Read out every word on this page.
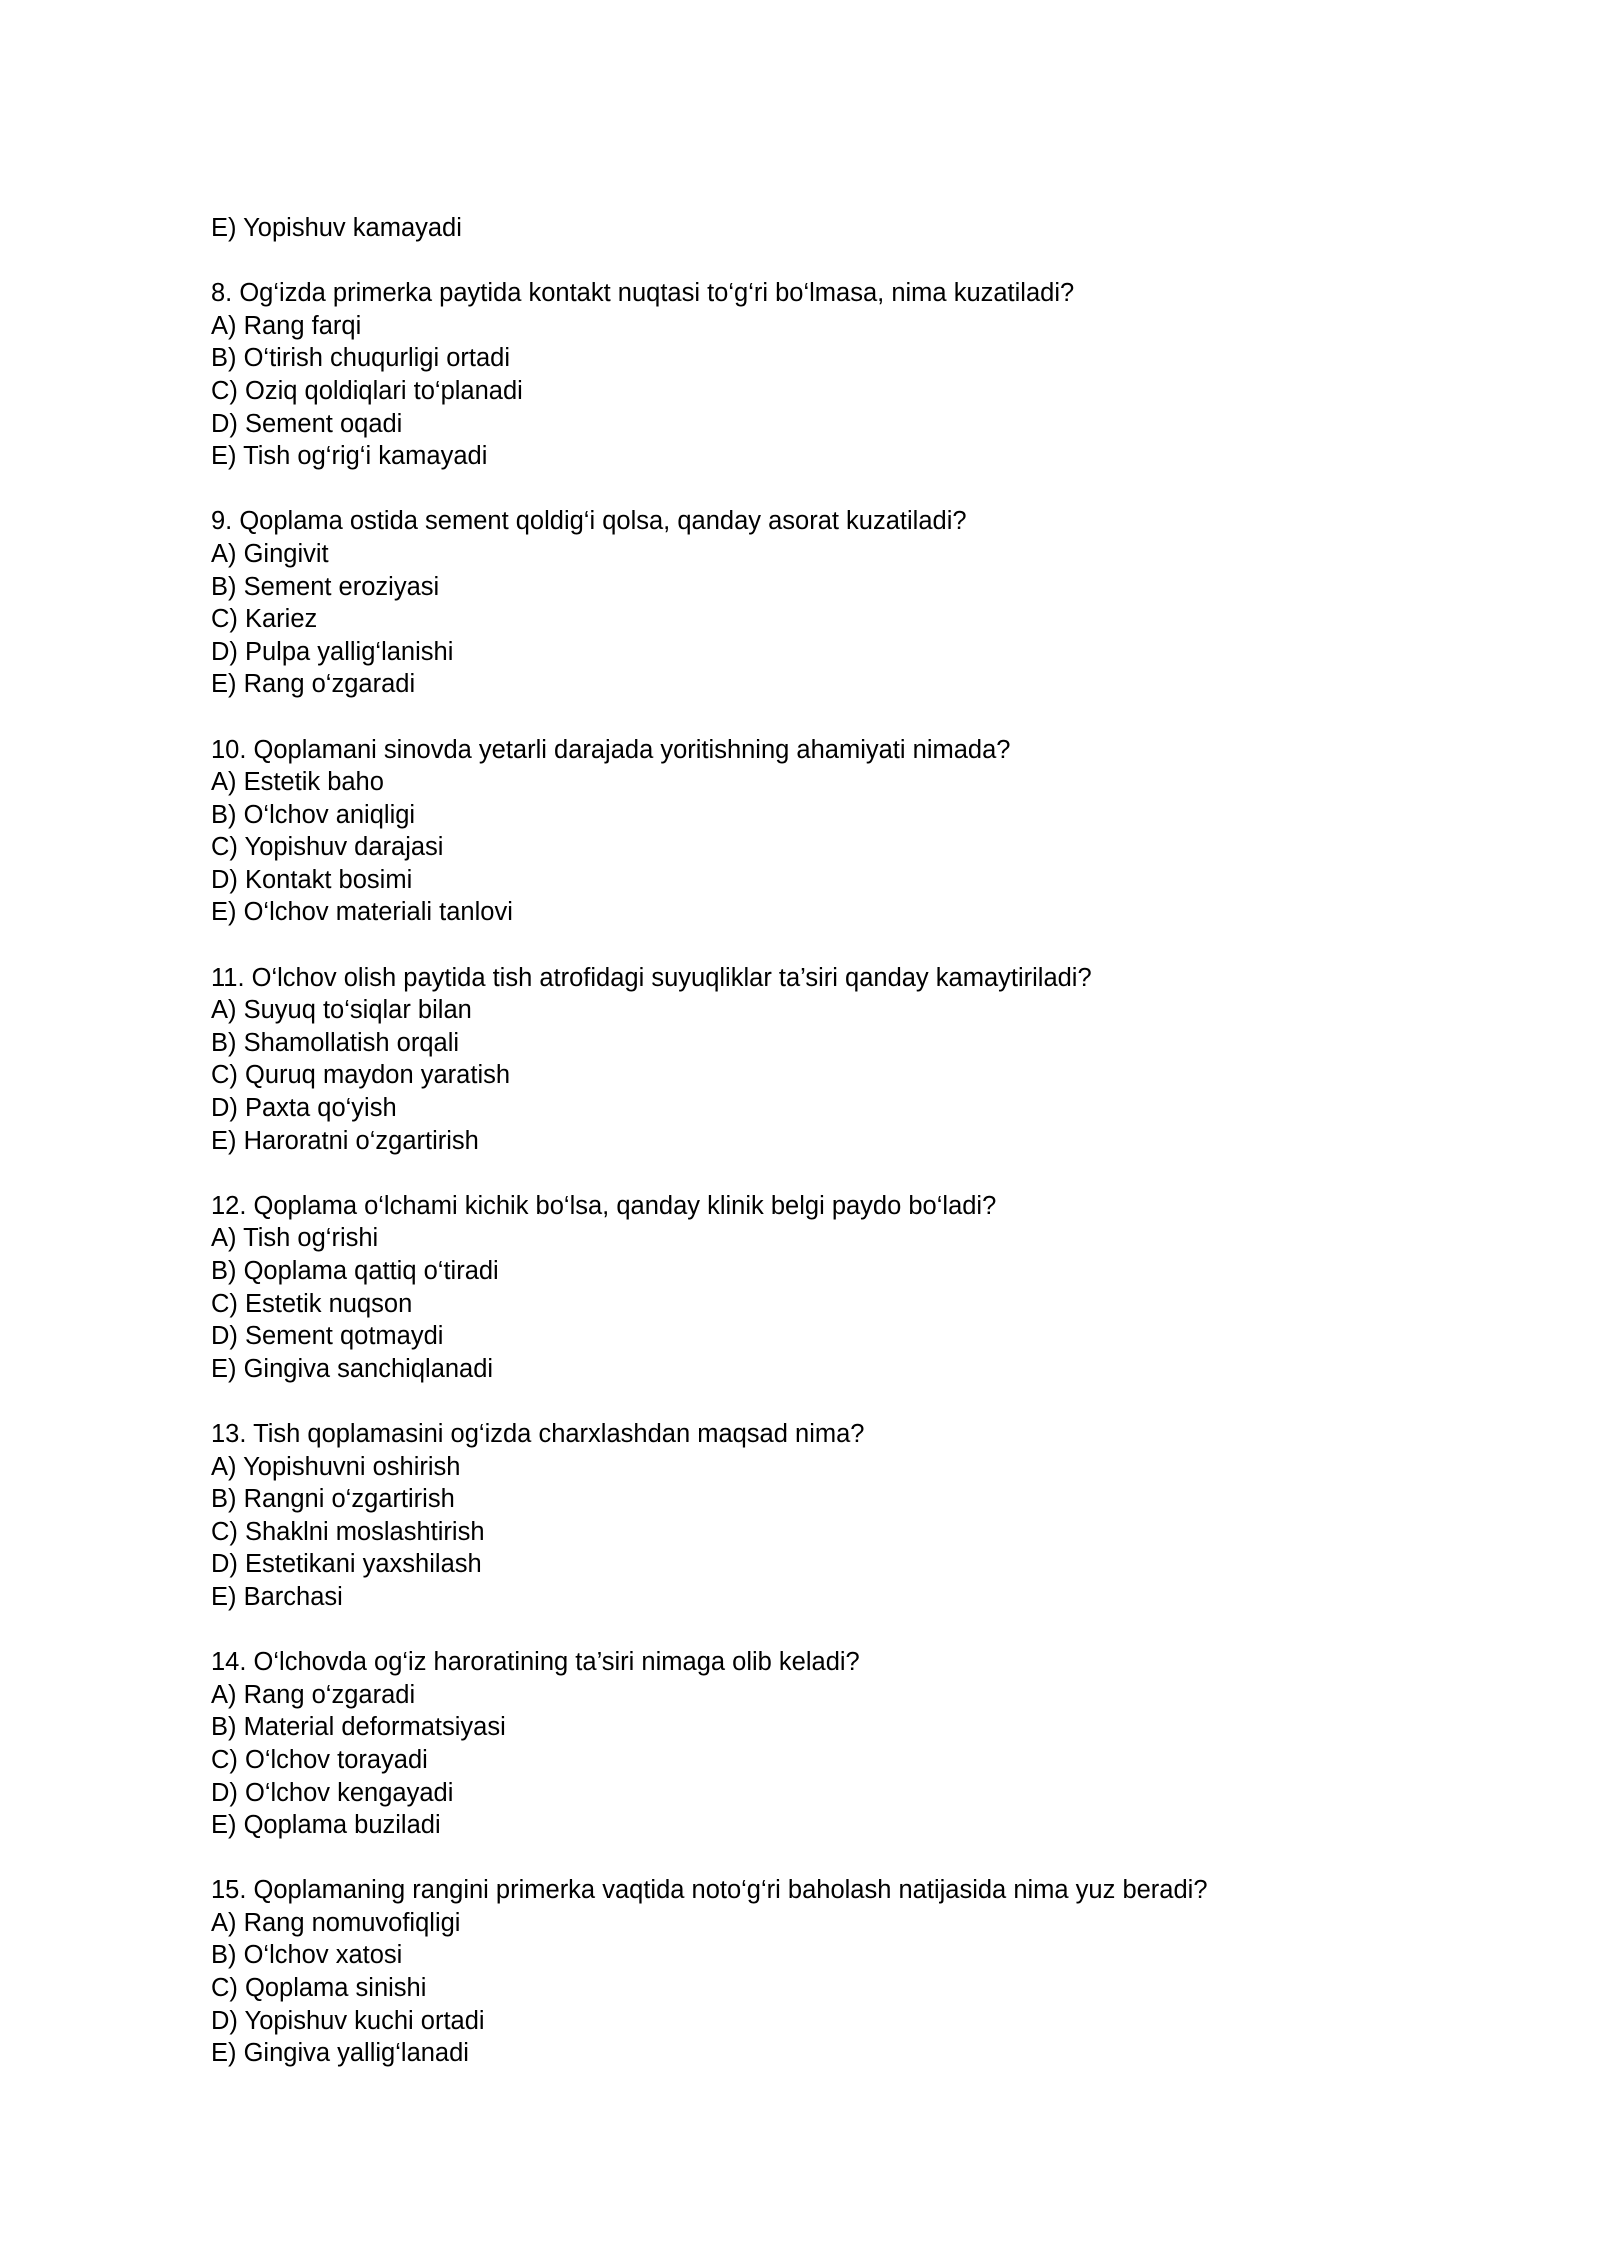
E) Yopishuv kamayadi
8. Og‘izda primerka paytida kontakt nuqtasi to‘g‘ri bo‘lmasa, nima kuzatiladi?
A) Rang farqi
B) O‘tirish chuqurligi ortadi
C) Oziq qoldiqlari to‘planadi
D) Sement oqadi
E) Tish og‘rig‘i kamayadi
9. Qoplama ostida sement qoldig‘i qolsa, qanday asorat kuzatiladi?
A) Gingivit
B) Sement eroziyasi
C) Kariez
D) Pulpa yallig‘lanishi
E) Rang o‘zgaradi
10. Qoplamani sinovda yetarli darajada yoritishning ahamiyati nimada?
A) Estetik baho
B) O‘lchov aniqligi
C) Yopishuv darajasi
D) Kontakt bosimi
E) O‘lchov materiali tanlovi
11. O‘lchov olish paytida tish atrofidagi suyuqliklar ta’siri qanday kamaytiriladi?
A) Suyuq to‘siqlar bilan
B) Shamollatish orqali
C) Quruq maydon yaratish
D) Paxta qo‘yish
E) Haroratni o‘zgartirish
12. Qoplama o‘lchami kichik bo‘lsa, qanday klinik belgi paydo bo‘ladi?
A) Tish og‘rishi
B) Qoplama qattiq o‘tiradi
C) Estetik nuqson
D) Sement qotmaydi
E) Gingiva sanchiqlanadi
13. Tish qoplamasini og‘izda charxlashdan maqsad nima?
A) Yopishuvni oshirish
B) Rangni o‘zgartirish
C) Shaklni moslashtirish
D) Estetikani yaxshilash
E) Barchasi
14. O‘lchovda og‘iz haroratining ta’siri nimaga olib keladi?
A) Rang o‘zgaradi
B) Material deformatsiyasi
C) O‘lchov torayadi
D) O‘lchov kengayadi
E) Qoplama buziladi
15. Qoplamaning rangini primerka vaqtida noto‘g‘ri baholash natijasida nima yuz beradi?
A) Rang nomuvofiqligi
B) O‘lchov xatosi
C) Qoplama sinishi
D) Yopishuv kuchi ortadi
E) Gingiva yallig‘lanadi
